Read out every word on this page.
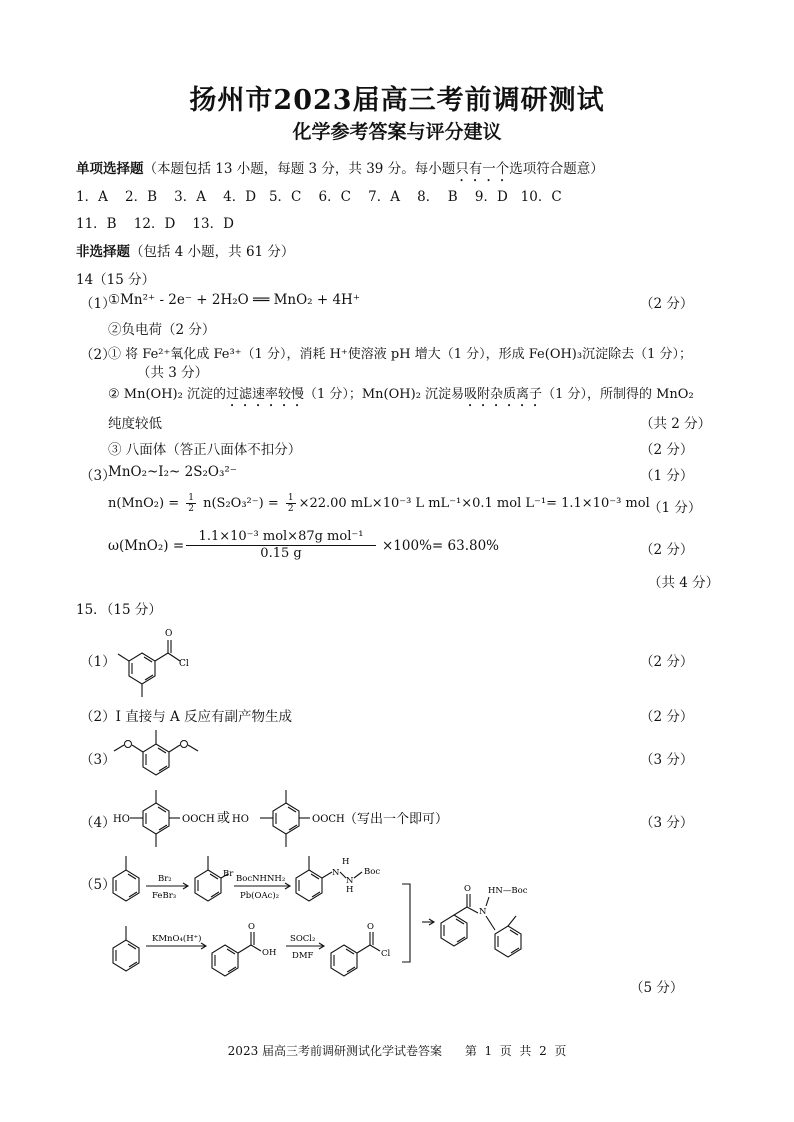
扬州市2023届高三考前调研测试
化学参考答案与评分建议
单项选择题（本题包括 13 小题，每题 3 分，共 39 分。每小题只有一个选项符合题意）
1．A    2．B    3．A    4．D   5．C    6．C    7．A    8．  B    9．D   10．C
11．B    12．D    13．D
非选择题（包括 4 小题，共 61 分）
14（15 分）
（1）
①Mn²⁺ - 2e⁻ + 2H₂O ══ MnO₂ + 4H⁺	（2 分）
②负电荷（2 分）
（2）
① 将 Fe²⁺氧化成 Fe³⁺（1 分），消耗 H⁺使溶液 pH 增大（1 分），形成 Fe(OH)₃沉淀除去（1 分）；
（共 3 分）
② Mn(OH)₂ 沉淀的过滤速率较慢（1 分）；Mn(OH)₂ 沉淀易吸附杂质离子（1 分），所制得的 MnO₂
纯度较低	（共 2 分）
③ 八面体（答正八面体不扣分）	（2 分）
（3）
MnO₂~I₂~ 2S₂O₃²⁻	（1 分）
$n(MnO_2) = \frac{1}{2} n(S_2O_3^{2-}) = \frac{1}{2} \times 22.00$ mL×10⁻³ L mL⁻¹×0.1 mol L⁻¹= 1.1×10⁻³ mol
（1 分）
ω(MnO₂) =
1.1×10⁻³ mol×87g mol⁻¹
0.15 g	×100%= 63.80%	（2 分）
（共 4 分）
15．（15 分）
（1）
O
Cl	（2 分）
（2）I 直接与 A 反应有副产物生成	（2 分）
（3）	（3 分）
（4）
HO	OOCH 或 HO	OOCH （写出一个即可）	（3 分）
（5）	Br₂
FeBr₃
Br BocNHNH₂
Pb(OAc)₂
H
N
N
H
Boc
KMnO₄(H⁺)
O
OH
SOCl₂
DMF
O
Cl
O HN—Boc
N
（5 分）
2023 届高三考前调研测试化学试卷答案      第  1  页  共  2  页
